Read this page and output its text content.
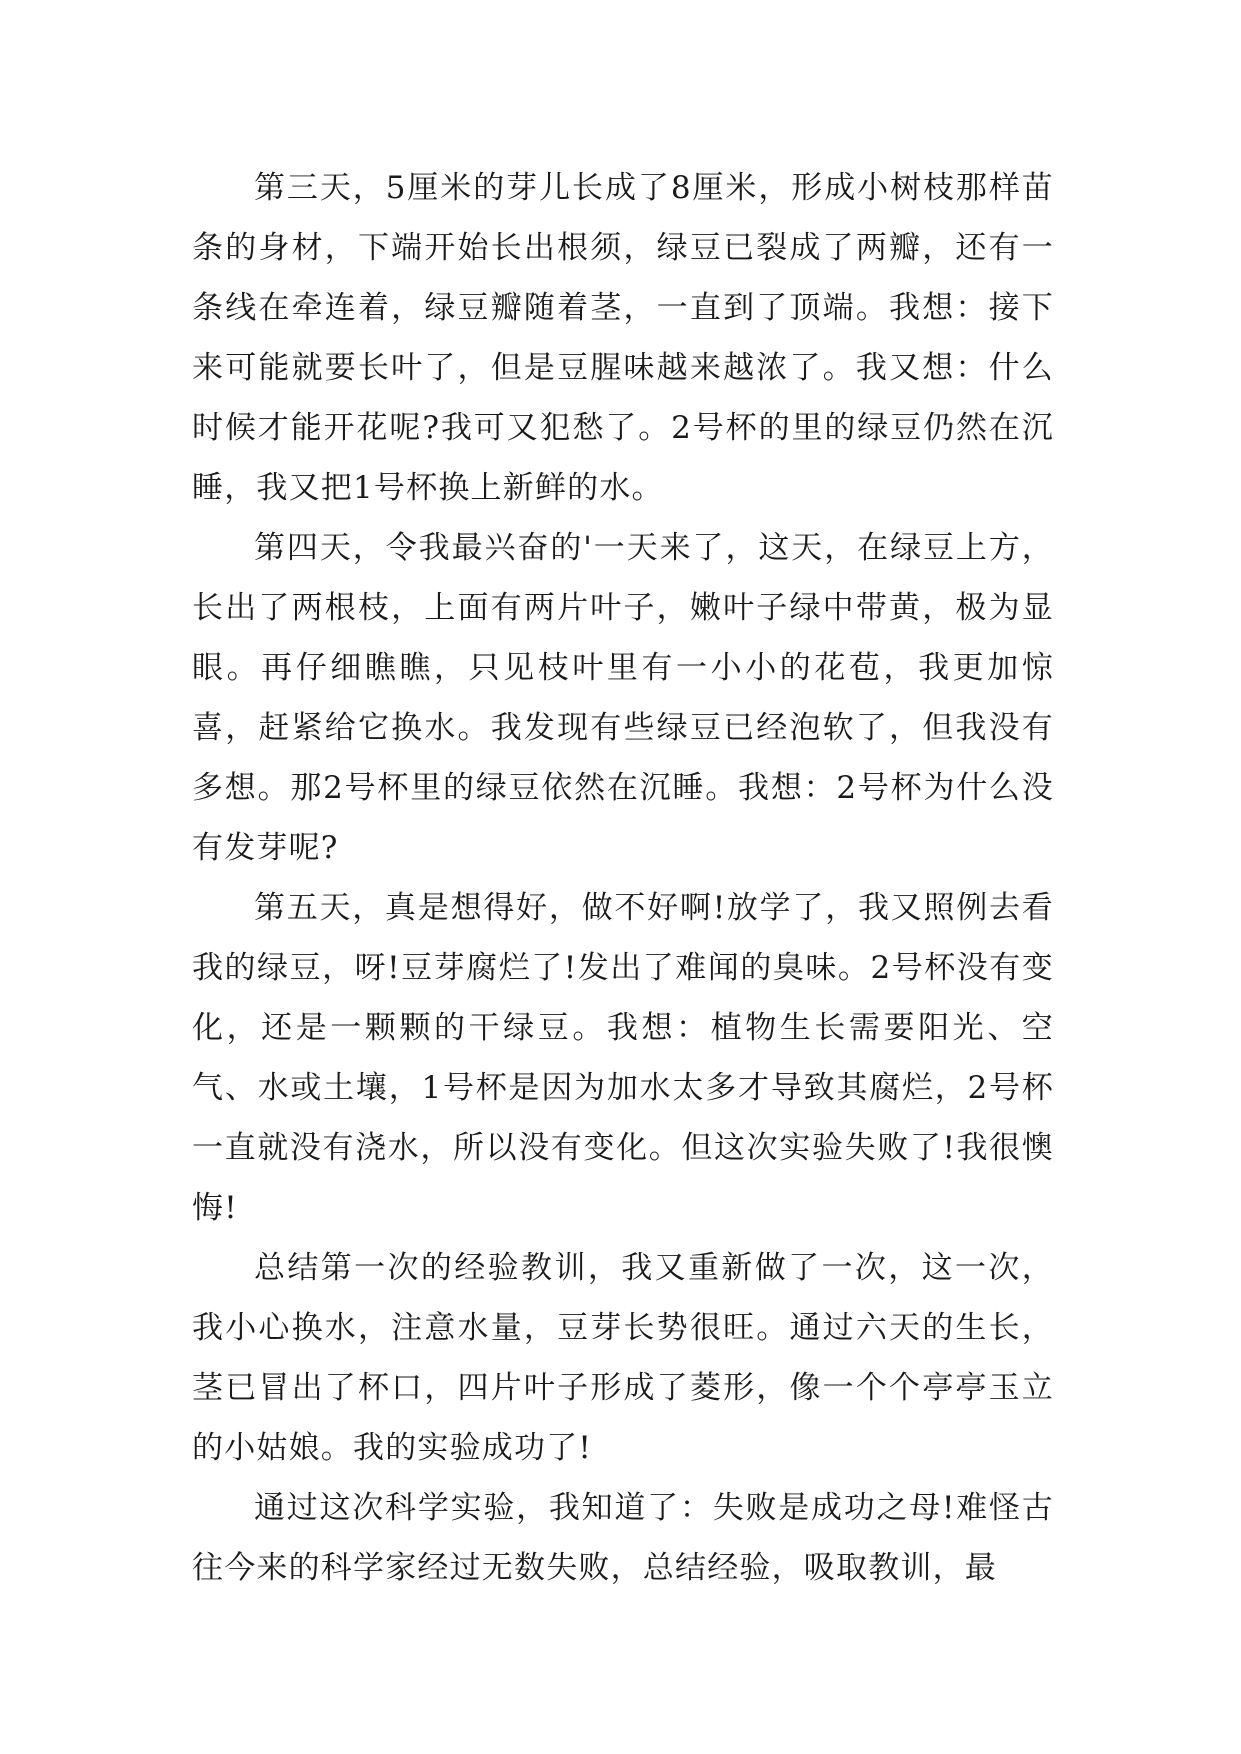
第三天，5厘米的芽儿长成了8厘米，形成小树枝那样苗条的身材，下端开始长出根须，绿豆已裂成了两瓣，还有一条线在牵连着，绿豆瓣随着茎，一直到了顶端。我想：接下来可能就要长叶了，但是豆腥味越来越浓了。我又想：什么时候才能开花呢?我可又犯愁了。2号杯的里的绿豆仍然在沉睡，我又把1号杯换上新鲜的水。

第四天，令我最兴奋的'一天来了，这天，在绿豆上方，长出了两根枝，上面有两片叶子，嫩叶子绿中带黄，极为显眼。再仔细瞧瞧，只见枝叶里有一小小的花苞，我更加惊喜，赶紧给它换水。我发现有些绿豆已经泡软了，但我没有多想。那2号杯里的绿豆依然在沉睡。我想：2号杯为什么没有发芽呢?

第五天，真是想得好，做不好啊!放学了，我又照例去看我的绿豆，呀!豆芽腐烂了!发出了难闻的臭味。2号杯没有变化，还是一颗颗的干绿豆。我想：植物生长需要阳光、空气、水或土壤，1号杯是因为加水太多才导致其腐烂，2号杯一直就没有浇水，所以没有变化。但这次实验失败了!我很懊悔!

总结第一次的经验教训，我又重新做了一次，这一次，我小心换水，注意水量，豆芽长势很旺。通过六天的生长，茎已冒出了杯口，四片叶子形成了菱形，像一个个亭亭玉立的小姑娘。我的实验成功了!

通过这次科学实验，我知道了：失败是成功之母!难怪古往今来的科学家经过无数失败，总结经验，吸取教训，最
